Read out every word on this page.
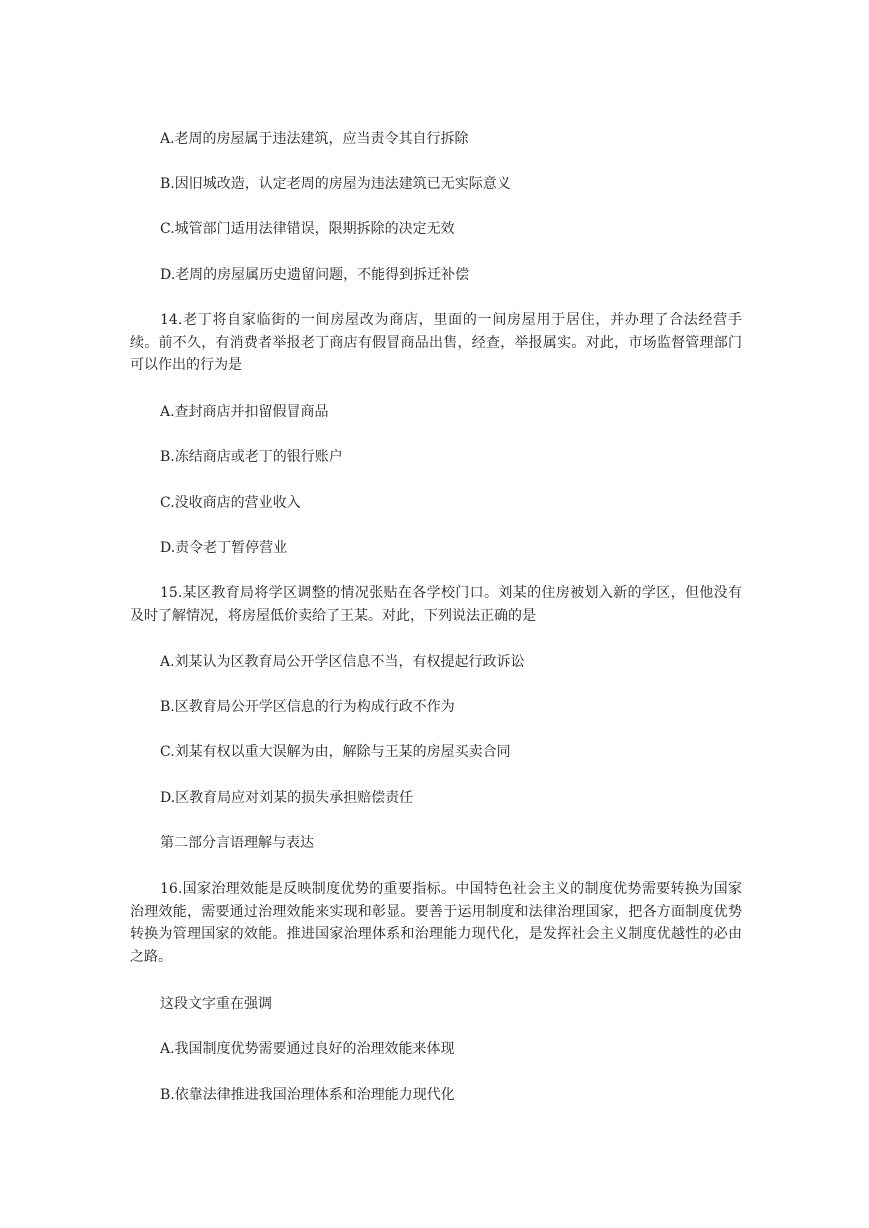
A.老周的房屋属于违法建筑，应当责令其自行拆除
B.因旧城改造，认定老周的房屋为违法建筑已无实际意义
C.城管部门适用法律错误，限期拆除的决定无效
D.老周的房屋属历史遗留问题，不能得到拆迁补偿
14.老丁将自家临街的一间房屋改为商店，里面的一间房屋用于居住，并办理了合法经营手续。前不久，有消费者举报老丁商店有假冒商品出售，经查，举报属实。对此，市场监督管理部门可以作出的行为是
A.查封商店并扣留假冒商品
B.冻结商店或老丁的银行账户
C.没收商店的营业收入
D.责令老丁暂停营业
15.某区教育局将学区调整的情况张贴在各学校门口。刘某的住房被划入新的学区，但他没有及时了解情况，将房屋低价卖给了王某。对此，下列说法正确的是
A.刘某认为区教育局公开学区信息不当，有权提起行政诉讼
B.区教育局公开学区信息的行为构成行政不作为
C.刘某有权以重大误解为由，解除与王某的房屋买卖合同
D.区教育局应对刘某的损失承担赔偿责任
第二部分言语理解与表达
16.国家治理效能是反映制度优势的重要指标。中国特色社会主义的制度优势需要转换为国家治理效能，需要通过治理效能来实现和彰显。要善于运用制度和法律治理国家，把各方面制度优势转换为管理国家的效能。推进国家治理体系和治理能力现代化，是发挥社会主义制度优越性的必由之路。
这段文字重在强调
A.我国制度优势需要通过良好的治理效能来体现
B.依靠法律推进我国治理体系和治理能力现代化
